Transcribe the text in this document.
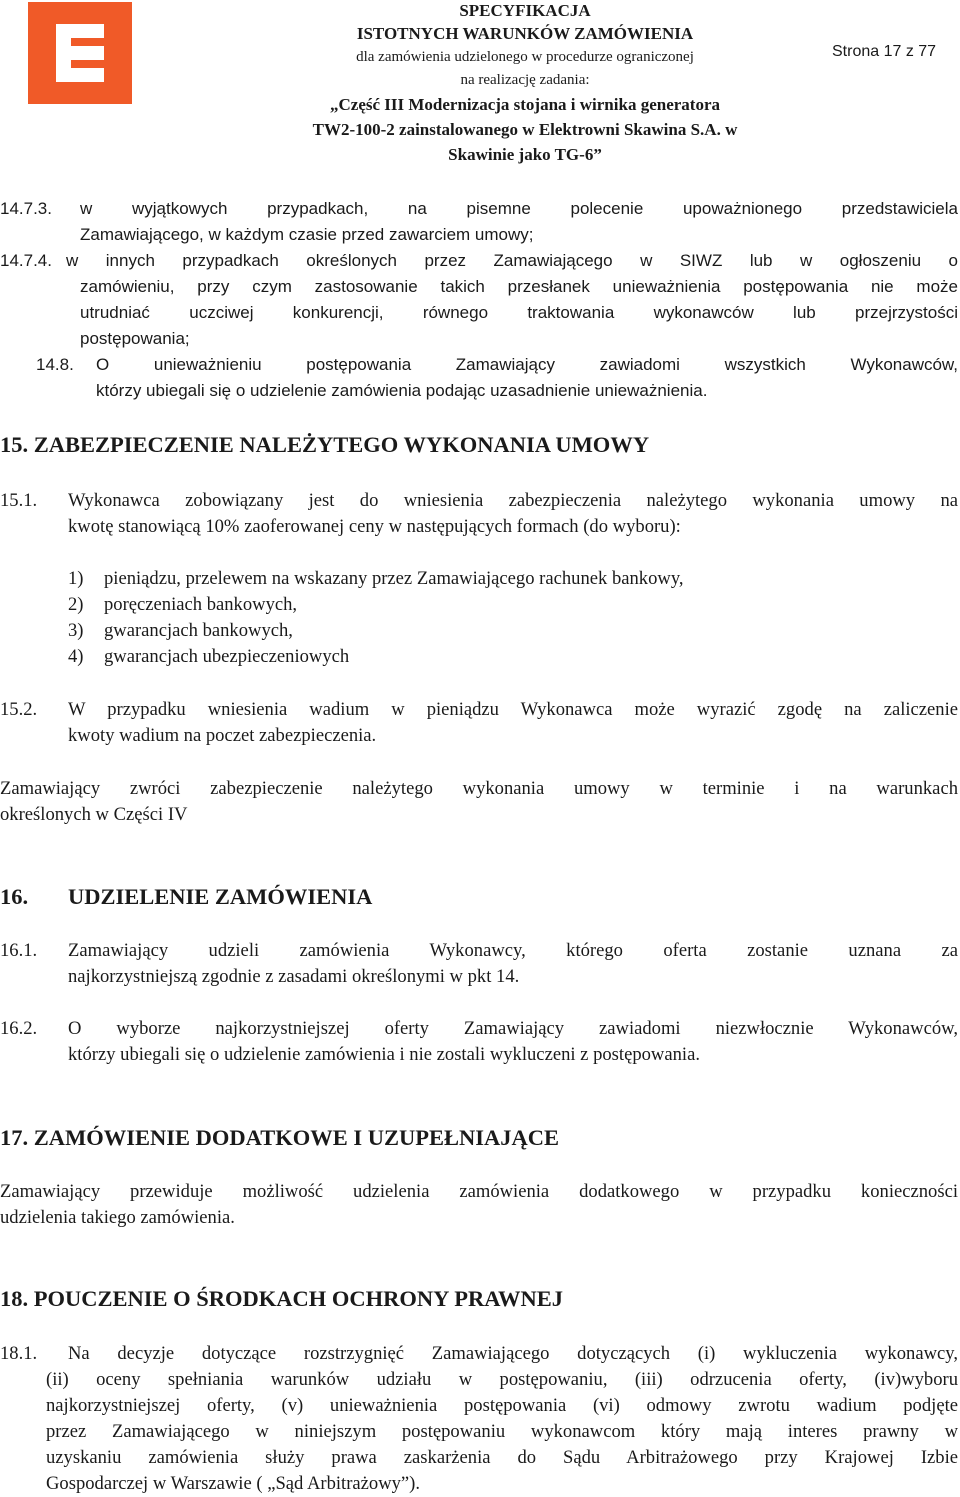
SPECYFIKACJA
ISTOTNYCH WARUNKÓW ZAMÓWIENIA
dla zamówienia udzielonego w procedurze ograniczonej
na realizację zadania:
„Część III Modernizacja stojana i wirnika generatora
TW2-100-2 zainstalowanego w Elektrowni Skawina S.A. w
Skawinie jako TG-6”
Strona 17 z 77
14.7.3. w wyjątkowych przypadkach, na pisemne polecenie upoważnionego przedstawiciela
Zamawiającego, w każdym czasie przed zawarciem umowy;
14.7.4. w innych przypadkach określonych przez Zamawiającego w SIWZ lub w ogłoszeniu o
zamówieniu, przy czym zastosowanie takich przesłanek unieważnienia postępowania nie może
utrudniać uczciwej konkurencji, równego traktowania wykonawców lub przejrzystości
postępowania;
14.8. O unieważnieniu postępowania Zamawiający zawiadomi wszystkich Wykonawców,
którzy ubiegali się o udzielenie zamówienia podając uzasadnienie unieważnienia.
15. ZABEZPIECZENIE NALEŻYTEGO WYKONANIA UMOWY
15.1. Wykonawca zobowiązany jest do wniesienia zabezpieczenia należytego wykonania umowy na
kwotę stanowiącą 10% zaoferowanej ceny w następujących formach (do wyboru):
1) pieniądzu, przelewem na wskazany przez Zamawiającego rachunek bankowy,
2) poręczeniach bankowych,
3) gwarancjach bankowych,
4) gwarancjach ubezpieczeniowych
15.2. W przypadku wniesienia wadium w pieniądzu Wykonawca może wyrazić zgodę na zaliczenie
kwoty wadium na poczet zabezpieczenia.
Zamawiający zwróci zabezpieczenie należytego wykonania umowy w terminie i na warunkach
określonych w Części IV
16. UDZIELENIE ZAMÓWIENIA
16.1. Zamawiający udzieli zamówienia Wykonawcy, którego oferta zostanie uznana za
najkorzystniejszą zgodnie z zasadami określonymi w pkt 14.
16.2. O wyborze najkorzystniejszej oferty Zamawiający zawiadomi niezwłocznie Wykonawców,
którzy ubiegali się o udzielenie zamówienia i nie zostali wykluczeni z postępowania.
17. ZAMÓWIENIE DODATKOWE I UZUPEŁNIAJĄCE
Zamawiający przewiduje możliwość udzielenia zamówienia dodatkowego w przypadku konieczności
udzielenia takiego zamówienia.
18. POUCZENIE O ŚRODKACH OCHRONY PRAWNEJ
18.1. Na decyzje dotyczące rozstrzygnięć Zamawiającego dotyczących (i) wykluczenia wykonawcy,
(ii) oceny spełniania warunków udziału w postępowaniu, (iii) odrzucenia oferty, (iv)wyboru
najkorzystniejszej oferty, (v) unieważnienia postępowania (vi) odmowy zwrotu wadium podjęte
przez Zamawiającego w niniejszym postępowaniu wykonawcom który mają interes prawny w
uzyskaniu zamówienia służy prawa zaskarżenia do Sądu Arbitrażowego przy Krajowej Izbie
Gospodarczej w Warszawie ( „Sąd Arbitrażowy”).
